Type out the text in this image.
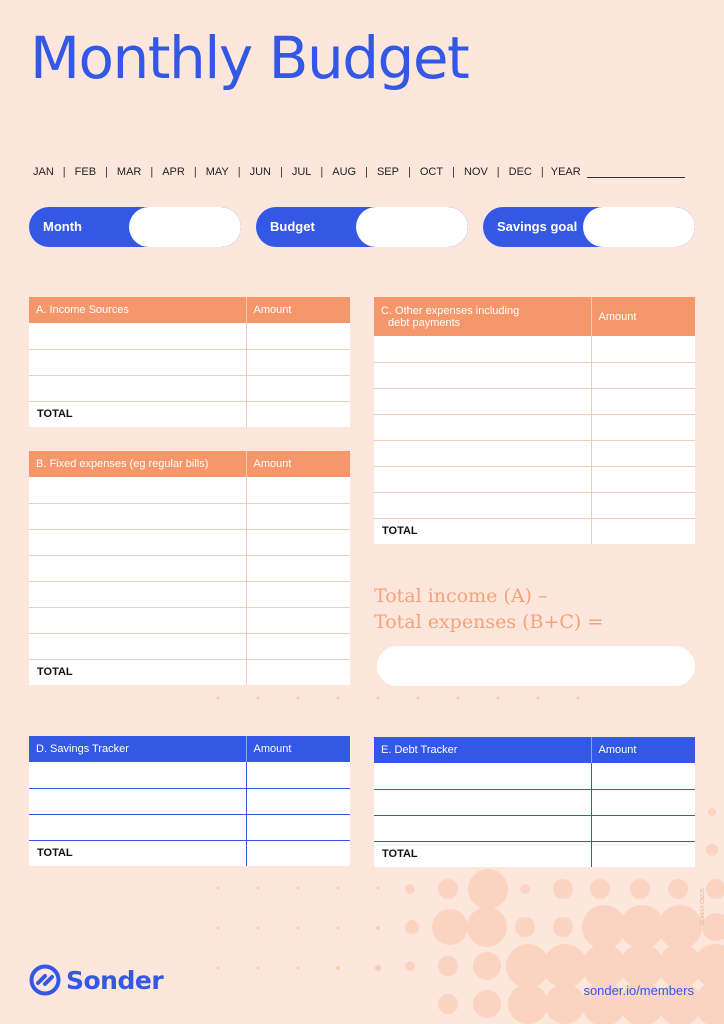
Monthly Budget
JAN | FEB | MAR | APR | MAY | JUN | JUL | AUG | SEP | OCT | NOV | DEC | YEAR
Month	Budget	Savings goal
A. Income Sources	Amount

TOTAL	
B. Fixed expenses (eg regular bills)	Amount

TOTAL	
C. Other expenses including
debt payments	Amount

TOTAL	
Total income (A) –
Total expenses (B+C) =
D. Savings Tracker	Amount

TOTAL	
E. Debt Tracker	Amount

TOTAL	
Sonder	sonder.io/members
SEM014-CNZ25
